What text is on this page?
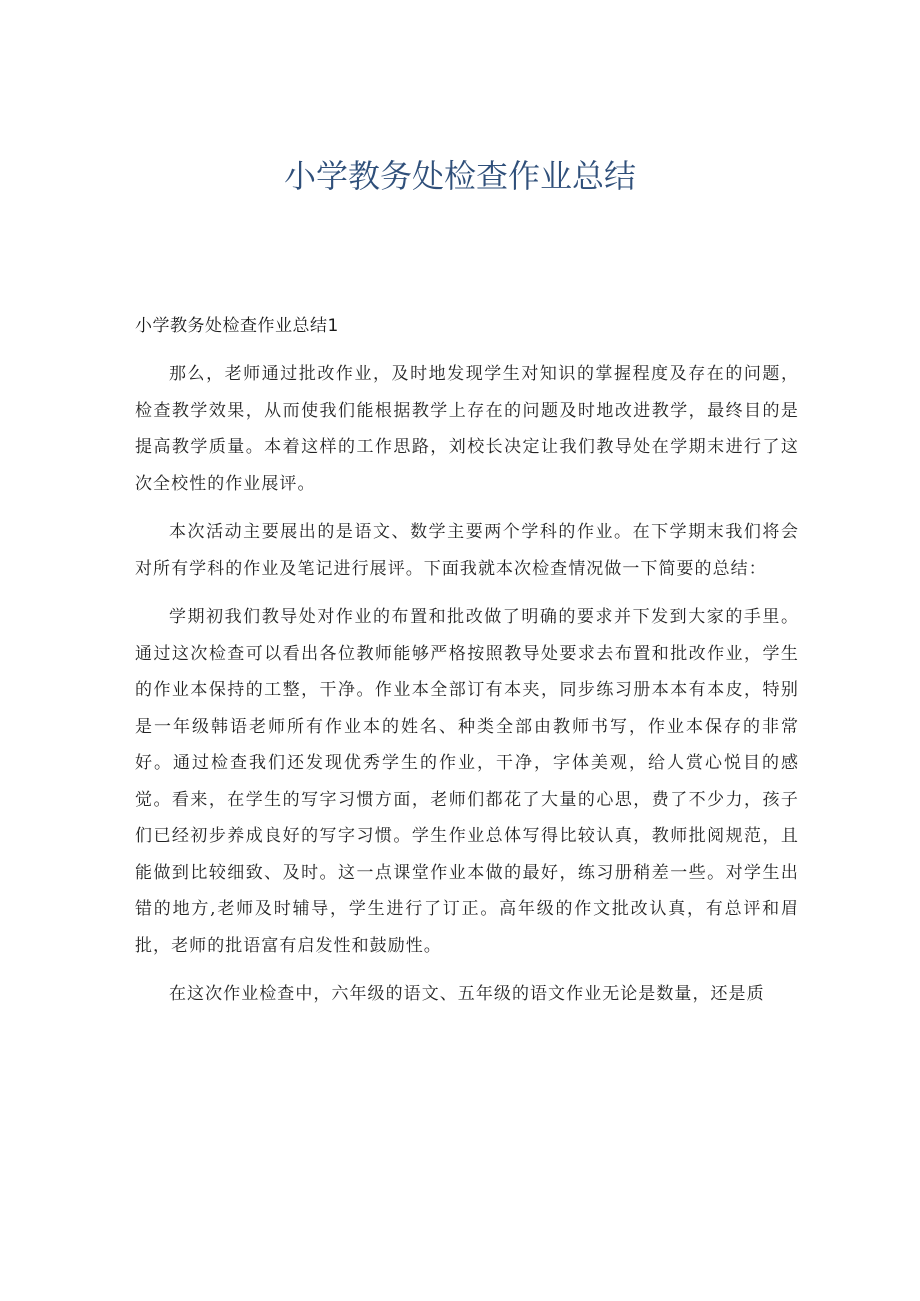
小学教务处检查作业总结
小学教务处检查作业总结1

那么，老师通过批改作业，及时地发现学生对知识的掌握程度及存在的问题，检查教学效果，从而使我们能根据教学上存在的问题及时地改进教学，最终目的是提高教学质量。本着这样的工作思路，刘校长决定让我们教导处在学期末进行了这次全校性的作业展评。

本次活动主要展出的是语文、数学主要两个学科的作业。在下学期末我们将会对所有学科的作业及笔记进行展评。下面我就本次检查情况做一下简要的总结：

学期初我们教导处对作业的布置和批改做了明确的要求并下发到大家的手里。通过这次检查可以看出各位教师能够严格按照教导处要求去布置和批改作业，学生的作业本保持的工整，干净。作业本全部订有本夹，同步练习册本本有本皮，特别是一年级韩语老师所有作业本的姓名、种类全部由教师书写，作业本保存的非常好。通过检查我们还发现优秀学生的作业，干净，字体美观，给人赏心悦目的感觉。看来，在学生的写字习惯方面，老师们都花了大量的心思，费了不少力，孩子们已经初步养成良好的写字习惯。学生作业总体写得比较认真，教师批阅规范，且能做到比较细致、及时。这一点课堂作业本做的最好，练习册稍差一些。对学生出错的地方,老师及时辅导，学生进行了订正。高年级的作文批改认真，有总评和眉批，老师的批语富有启发性和鼓励性。

在这次作业检查中，六年级的语文、五年级的语文作业无论是数量，还是质
